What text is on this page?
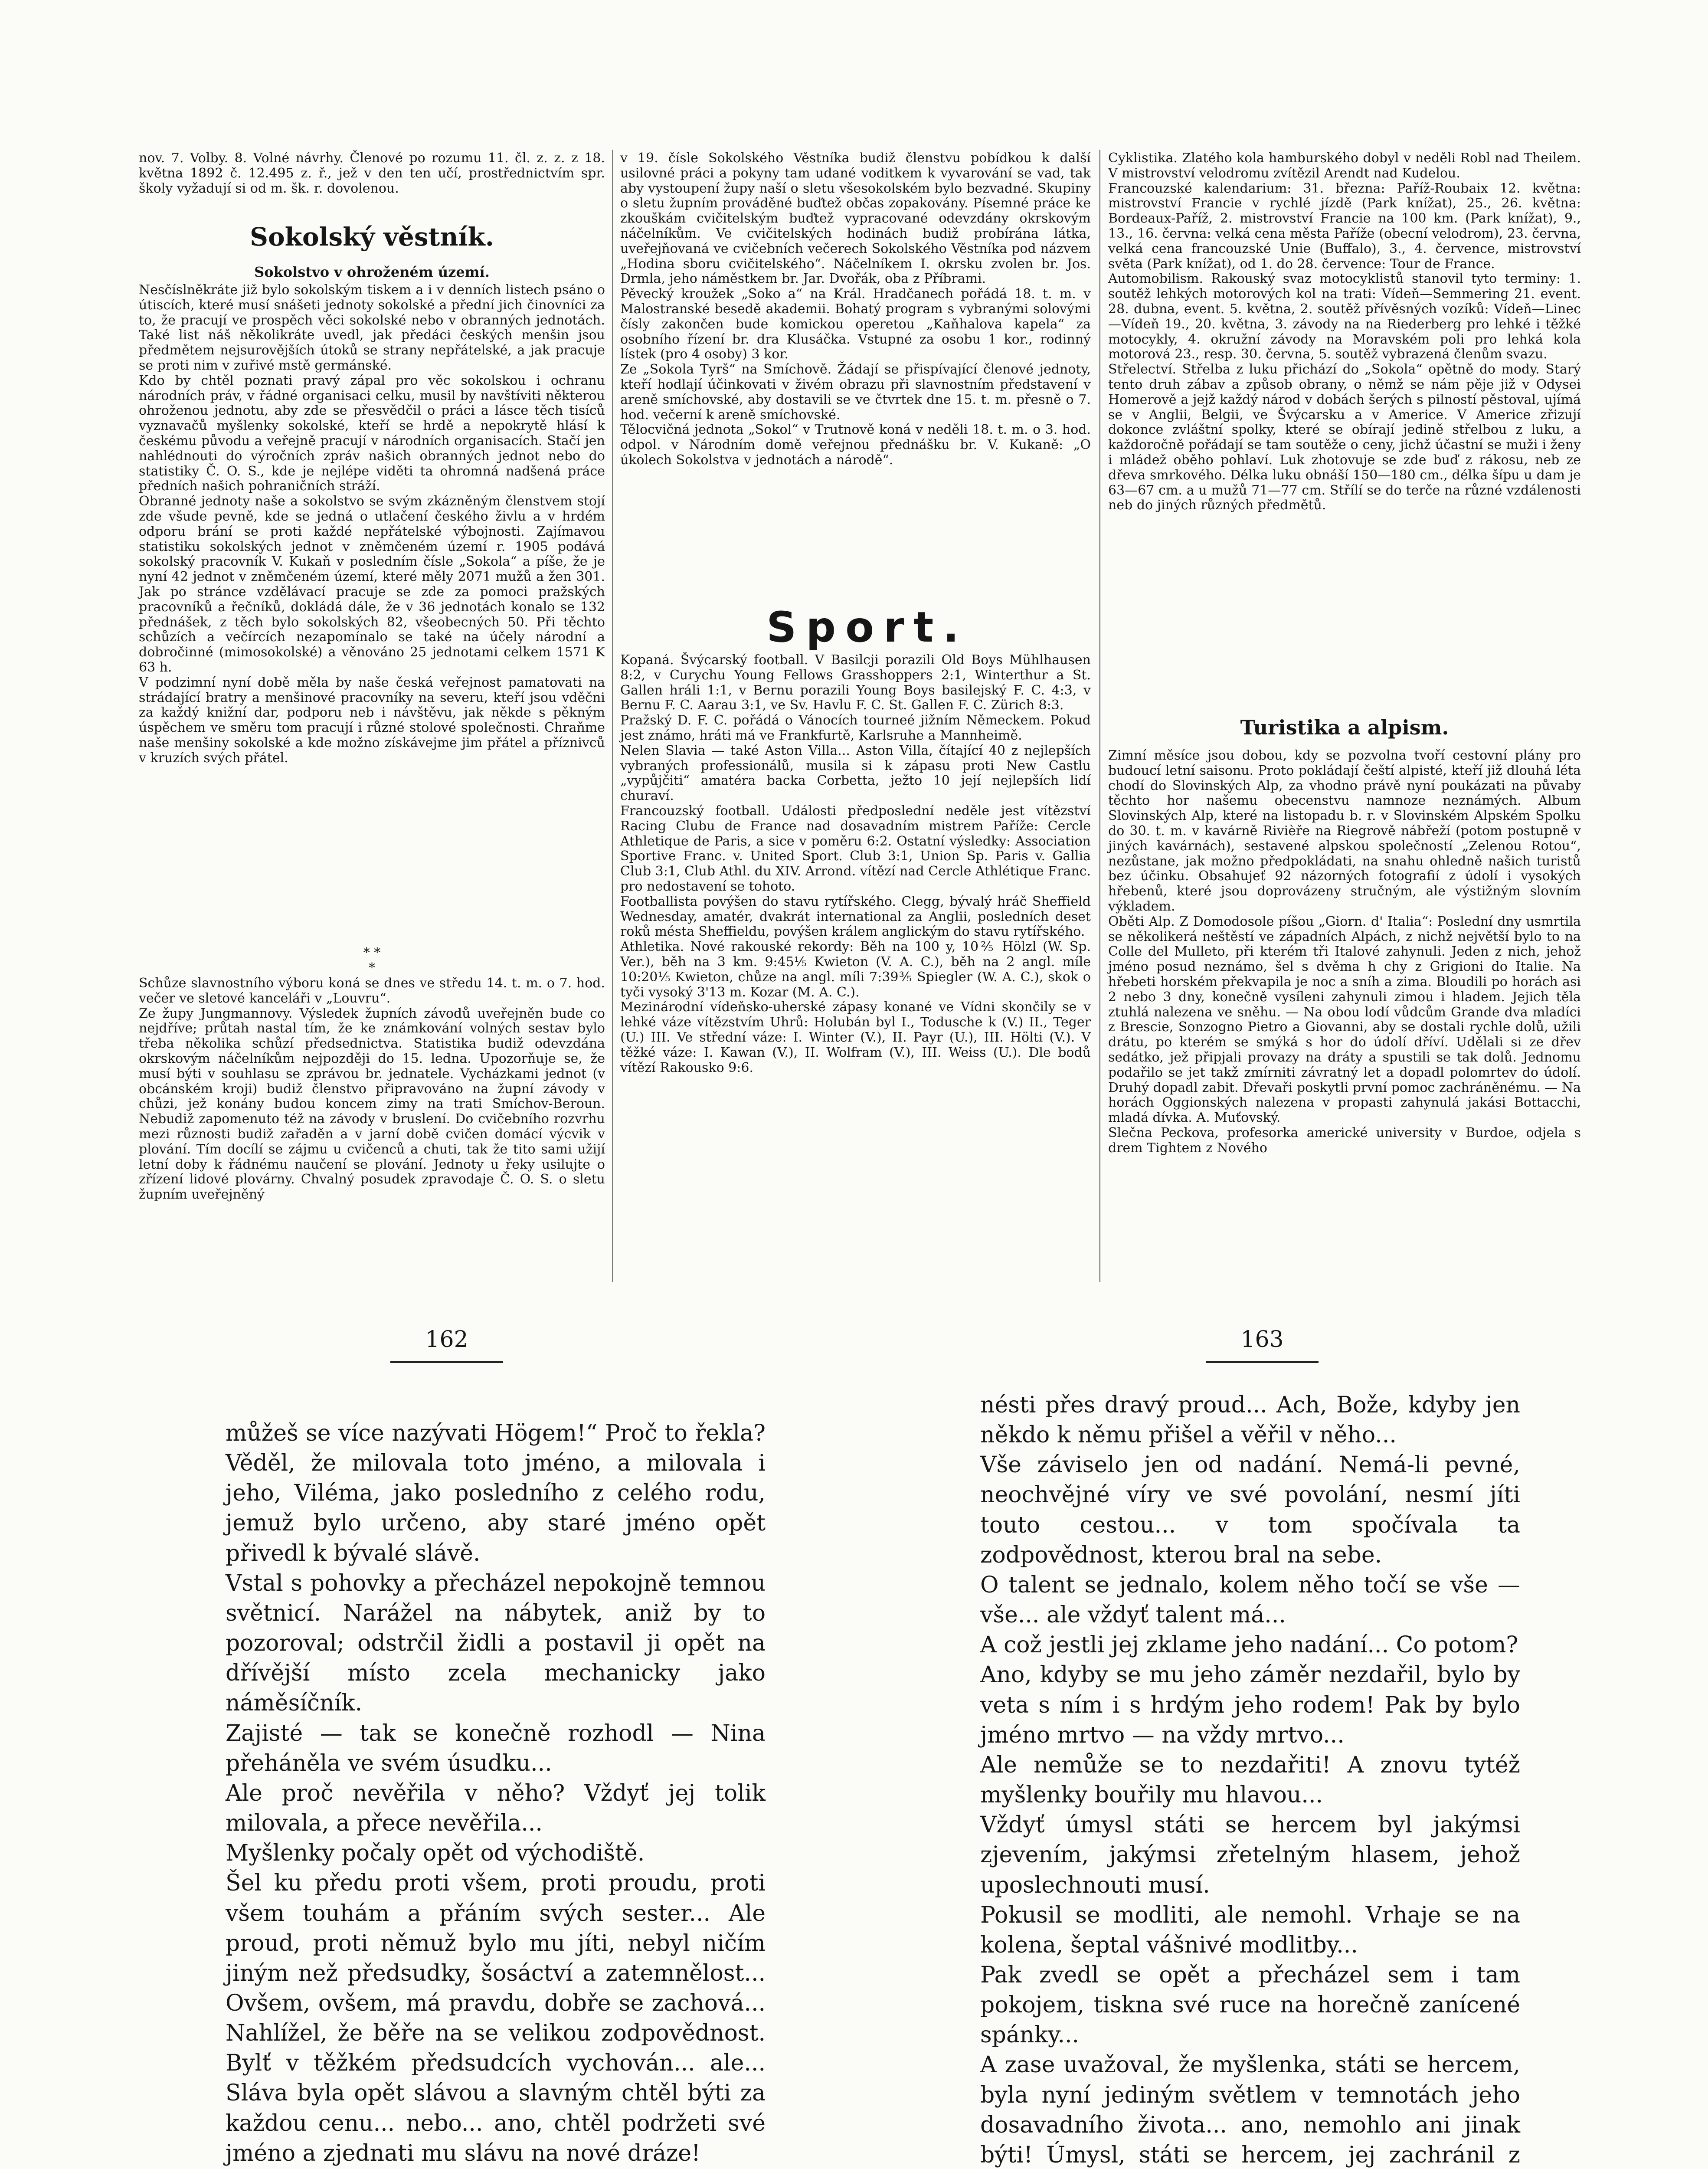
nov. 7. Volby. 8. Volné návrhy. Členové po rozumu 11. čl. z. z. z 18. května 1892 č. 12.495 z. ř., jež v den ten učí, prostřednictvím spr. školy vyžadují si od m. šk. r. dovolenou.
Sokolský věstník.
Sokolstvo v ohroženém území.
Nesčíslněkráte již bylo sokolským tiskem a i v denních listech psáno o útiscích, které musí snášeti jednoty sokolské a přední jich činovníci za to, že pracují ve prospěch věci sokolské nebo v obranných jednotách. Také list náš několikráte uvedl, jak předáci českých menšin jsou předmětem nejsurovějších útoků se strany nepřátelské, a jak pracuje se proti nim v zuřivé mstě germánské.
Kdo by chtěl poznati pravý zápal pro věc sokolskou i ochranu národních práv, v řádné organisaci celku, musil by navštíviti některou ohroženou jednotu, aby zde se přesvědčil o práci a lásce těch tisíců vyznavačů myšlenky sokolské, kteří se hrdě a nepokrytě hlásí k českému původu a veřejně pracují v národních organisacích. Stačí jen nahlédnouti do výročních zpráv našich obranných jednot nebo do statistiky Č. O. S., kde je nejlépe viděti ta ohromná nadšená práce předních našich pohraničních stráží.
Obranné jednoty naše a sokolstvo se svým zkázněným členstvem stojí zde všude pevně, kde se jedná o utlačení českého živlu a v hrdém odporu brání se proti každé nepřátelské výbojnosti. Zajímavou statistiku sokolských jednot v zněmčeném území r. 1905 podává sokolský pracovník V. Kukaň v posledním čísle „Sokola“ a píše, že je nyní 42 jednot v zněmčeném území, které měly 2071 mužů a žen 301. Jak po stránce vzdělávací pracuje se zde za pomoci pražských pracovníků a řečníků, dokládá dále, že v 36 jednotách konalo se 132 přednášek, z těch bylo sokolských 82, všeobecných 50. Při těchto schůzích a večírcích nezapomínalo se také na účely národní a dobročinné (mimosokolské) a věnováno 25 jednotami celkem 1571 K 63 h.
V podzimní nyní době měla by naše česká veřejnost pamatovati na strádající bratry a menšinové pracovníky na severu, kteří jsou vděčni za každý knižní dar, podporu neb i návštěvu, jak někde s pěkným úspěchem ve směru tom pracují i různé stolové společnosti. Chraňme naše menšiny sokolské a kde možno získávejme jim přátel a příznivců v kruzích svých přátel.
* *
*
Schůze slavnostního výboru koná se dnes ve středu 14. t. m. o 7. hod. večer ve sletové kanceláři v „Louvru“.
Ze župy Jungmannovy. Výsledek župních závodů uveřejněn bude co nejdříve; průtah nastal tím, že ke známkování volných sestav bylo třeba několika schůzí předsednictva. Statistika budiž odevzdána okrskovým náčelníkům nejpozději do 15. ledna. Upozorňuje se, že musí býti v souhlasu se zprávou br. jednatele. Vycházkami jednot (v obcánském kroji) budiž členstvo připravováno na župní závody v chůzi, jež konány budou koncem zimy na trati Smíchov-Beroun. Nebudiž zapomenuto též na závody v bruslení. Do cvičebního rozvrhu mezi různosti budiž zařaděn a v jarní době cvičen domácí výcvik v plování. Tím docílí se zájmu u cvičenců a chuti, tak že tito sami užijí letní doby k řádnému naučení se plování. Jednoty u řeky usilujte o zřízení lidové plovárny. Chvalný posudek zpravodaje Č. O. S. o sletu župním uveřejněný
v 19. čísle Sokolského Věstníka budiž členstvu pobídkou k další usilovné práci a pokyny tam udané voditkem k vyvarování se vad, tak aby vystoupení župy naší o sletu všesokolském bylo bezvadné. Skupiny o sletu župním prováděné buďtež občas zopakovány. Písemné práce ke zkouškám cvičitelským buďtež vypracované odevzdány okrskovým náčelníkům. Ve cvičitelských hodinách budiž probírána látka, uveřejňovaná ve cvičebních večerech Sokolského Věstníka pod názvem „Hodina sboru cvičitelského“. Náčelníkem I. okrsku zvolen br. Jos. Drmla, jeho náměstkem br. Jar. Dvořák, oba z Příbrami.
Pěvecký kroužek „Soko a“ na Král. Hradčanech pořádá 18. t. m. v Malostranské besedě akademii. Bohatý program s vybranými solovými čísly zakončen bude komickou operetou „Kaňhalova kapela“ za osobního řízení br. dra Klusáčka. Vstupné za osobu 1 kor., rodinný lístek (pro 4 osoby) 3 kor.
Ze „Sokola Tyrš“ na Smíchově. Žádají se přispívající členové jednoty, kteří hodlají účinkovati v živém obrazu při slavnostním představení v areně smíchovské, aby dostavili se ve čtvrtek dne 15. t. m. přesně o 7. hod. večerní k areně smíchovské.
Tělocvičná jednota „Sokol“ v Trutnově koná v neděli 18. t. m. o 3. hod. odpol. v Národním domě veřejnou přednášku br. V. Kukaně: „O úkolech Sokolstva v jednotách a národě“.
Sport.
Kopaná. Švýcarský football. V Basilcji porazili Old Boys Mühlhausen 8:2, v Curychu Young Fellows Grasshoppers 2:1, Winterthur a St. Gallen hráli 1:1, v Bernu porazili Young Boys basilejský F. C. 4:3, v Bernu F. C. Aarau 3:1, ve Sv. Havlu F. C. St. Gallen F. C. Zürich 8:3.
Pražský D. F. C. pořádá o Vánocích tourneé jižním Německem. Pokud jest známo, hráti má ve Frankfurtě, Karlsruhe a Mannheimě.
Nelen Slavia — také Aston Villa... Aston Villa, čítající 40 z nejlepších vybraných professionálů, musila si k zápasu proti New Castlu „vypůjčiti“ amatéra backa Corbetta, ježto 10 její nejlepších lidí churaví.
Francouzský football. Události předposlední neděle jest vítězství Racing Clubu de France nad dosavadním mistrem Paříže: Cercle Athletique de Paris, a sice v poměru 6:2. Ostatní výsledky: Association Sportive Franc. v. United Sport. Club 3:1, Union Sp. Paris v. Gallia Club 3:1, Club Athl. du XIV. Arrond. vítězí nad Cercle Athlétique Franc. pro nedostavení se tohoto.
Footballista povýšen do stavu rytířského. Clegg, bývalý hráč Sheffield Wednesday, amatér, dvakrát international za Anglii, posledních deset roků mésta Sheffieldu, povýšen králem anglickým do stavu rytířského.
Athletika. Nové rakouské rekordy: Běh na 100 y, 10⅖ Hölzl (W. Sp. Ver.), běh na 3 km. 9:45⅕ Kwieton (V. A. C.), běh na 2 angl. míle 10:20⅕ Kwieton, chůze na angl. míli 7:39⅗ Spiegler (W. A. C.), skok o tyči vysoký 3'13 m. Kozar (M. A. C.).
Mezinárodní vídeňsko-uherské zápasy konané ve Vídni skončily se v lehké váze vítězstvím Uhrů: Holubán byl I., Todusche k (V.) II., Teger (U.) III. Ve střední váze: I. Winter (V.), II. Payr (U.), III. Hölti (V.). V těžké váze: I. Kawan (V.), II. Wolfram (V.), III. Weiss (U.). Dle bodů vítězí Rakousko 9:6.
Cyklistika. Zlatého kola hamburského dobyl v neděli Robl nad Theilem. V mistrovství velodromu zvítězil Arendt nad Kudelou.
Francouzské kalendarium: 31. března: Paříž-Roubaix 12. května: mistrovství Francie v rychlé jízdě (Park knížat), 25., 26. května: Bordeaux-Paříž, 2. mistrovství Francie na 100 km. (Park knížat), 9., 13., 16. června: velká cena města Paříže (obecní velodrom), 23. června, velká cena francouzské Unie (Buffalo), 3., 4. července, mistrovství světa (Park knížat), od 1. do 28. července: Tour de France.
Automobilism. Rakouský svaz motocyklistů stanovil tyto terminy: 1. soutěž lehkých motorových kol na trati: Vídeň—Semmering 21. event. 28. dubna, event. 5. května, 2. soutěž přívěsných vozíků: Vídeň—Linec—Vídeň 19., 20. května, 3. závody na na Riederberg pro lehké i těžké motocykly, 4. okružní závody na Moravském poli pro lehká kola motorová 23., resp. 30. června, 5. soutěž vybrazená členům svazu.
Střelectví. Střelba z luku přichází do „Sokola“ opětně do mody. Starý tento druh zábav a způsob obrany, o němž se nám pěje již v Odysei Homerově a jejž každý národ v dobách šerých s pilností pěstoval, ujímá se v Anglii, Belgii, ve Švýcarsku a v Americe. V Americe zřizují dokonce zvláštní spolky, které se obírají jedině střelbou z luku, a každoročně pořádají se tam soutěže o ceny, jichž účastní se muži i ženy i mládež oběho pohlaví. Luk zhotovuje se zde buď z rákosu, neb ze dřeva smrkového. Délka luku obnáší 150—180 cm., délka šípu u dam je 63—67 cm. a u mužů 71—77 cm. Střílí se do terče na různé vzdálenosti neb do jiných různých předmětů.
Turistika a alpism.
Zimní měsíce jsou dobou, kdy se pozvolna tvoří cestovní plány pro budoucí letní saisonu. Proto pokládají čeští alpisté, kteří již dlouhá léta chodí do Slovinských Alp, za vhodno právě nyní poukázati na půvaby těchto hor našemu obecenstvu namnoze neznámých. Album Slovinských Alp, které na listopadu b. r. v Slovinském Alpském Spolku do 30. t. m. v kavárně Rivièře na Riegrově nábřeží (potom postupně v jiných kavárnách), sestavené alpskou společností „Zelenou Rotou“, nezůstane, jak možno předpokládati, na snahu ohledně našich turistů bez účinku. Obsahujeť 92 názorných fotografií z údolí i vysokých hřebenů, které jsou doprovázeny stručným, ale výstižným slovním výkladem.
Oběti Alp. Z Domodosole píšou „Giorn. d' Italia“: Poslední dny usmrtila se několikerá neštěstí ve západních Alpách, z nichž největší bylo to na Colle del Mulleto, při kterém tři Italové zahynuli. Jeden z nich, jehož jméno posud neznámo, šel s dvěma h chy z Grigioni do Italie. Na hřebeti horském překvapila je noc a sníh a zima. Bloudili po horách asi 2 nebo 3 dny, konečně vysíleni zahynuli zimou i hladem. Jejich těla ztuhlá nalezena ve sněhu. — Na obou lodí vůdcům Grande dva mladíci z Brescie, Sonzogno Pietro a Giovanni, aby se dostali rychle dolů, užili drátu, po kterém se smýká s hor do údolí dříví. Udělali si ze dřev sedátko, jež připjali provazy na dráty a spustili se tak dolů. Jednomu podařilo se jet takž zmírniti závratný let a dopadl polomrtev do údolí. Druhý dopadl zabit. Dřevaři poskytli první pomoc zachráněnému. — Na horách Oggionských nalezena v propasti zahynulá jakási Bottacchi, mladá dívka. A. Muťovský.
Slečna Peckova, profesorka americké university v Burdoe, odjela s drem Tightem z Nového
162	163
můžeš se více nazývati Högem!“ Proč to řekla? Věděl, že milovala toto jméno, a milovala i jeho, Viléma, jako posledního z celého rodu, jemuž bylo určeno, aby staré jméno opět přivedl k bývalé slávě.
Vstal s pohovky a přecházel nepokojně temnou světnicí. Narážel na nábytek, aniž by to pozoroval; odstrčil židli a postavil ji opět na dřívější místo zcela mechanicky jako náměsíčník.
Zajisté — tak se konečně rozhodl — Nina přeháněla ve svém úsudku...
Ale proč nevěřila v něho? Vždyť jej tolik milovala, a přece nevěřila...
Myšlenky počaly opět od východiště.
Šel ku předu proti všem, proti proudu, proti všem touhám a přáním svých sester... Ale proud, proti němuž bylo mu jíti, nebyl ničím jiným než předsudky, šosáctví a zatemnělost... Ovšem, ovšem, má pravdu, dobře se zachová... Nahlížel, že běře na se velikou zodpovědnost. Bylť v těžkém předsudcích vychován... ale... Sláva byla opět slávou a slavným chtěl býti za každou cenu... nebo... ano, chtěl podržeti své jméno a zjednati mu slávu na nové dráze!

nésti přes dravý proud... Ach, Bože, kdyby jen někdo k němu přišel a věřil v něho...
Vše záviselo jen od nadání. Nemá-li pevné, neochvějné víry ve své povolání, nesmí jíti touto cestou... v tom spočívala ta zodpovědnost, kterou bral na sebe.
O talent se jednalo, kolem něho točí se vše — vše... ale vždyť talent má...
A což jestli jej zklame jeho nadání... Co potom?
Ano, kdyby se mu jeho záměr nezdařil, bylo by veta s ním i s hrdým jeho rodem! Pak by bylo jméno mrtvo — na vždy mrtvo...
Ale nemůže se to nezdařiti! A znovu tytéž myšlenky bouřily mu hlavou...
Vždyť úmysl státi se hercem byl jakýmsi zjevením, jakýmsi zřetelným hlasem, jehož uposlechnouti musí.
Pokusil se modliti, ale nemohl. Vrhaje se na kolena, šeptal vášnivé modlitby...
Pak zvedl se opět a přecházel sem i tam pokojem, tiskna své ruce na horečně zanícené spánky...
A zase uvažoval, že myšlenka, státi se hercem, byla nyní jediným světlem v temnotách jeho dosavadního života... ano, nemohlo ani jinak býti! Úmysl, státi se hercem, jej zachránil z
